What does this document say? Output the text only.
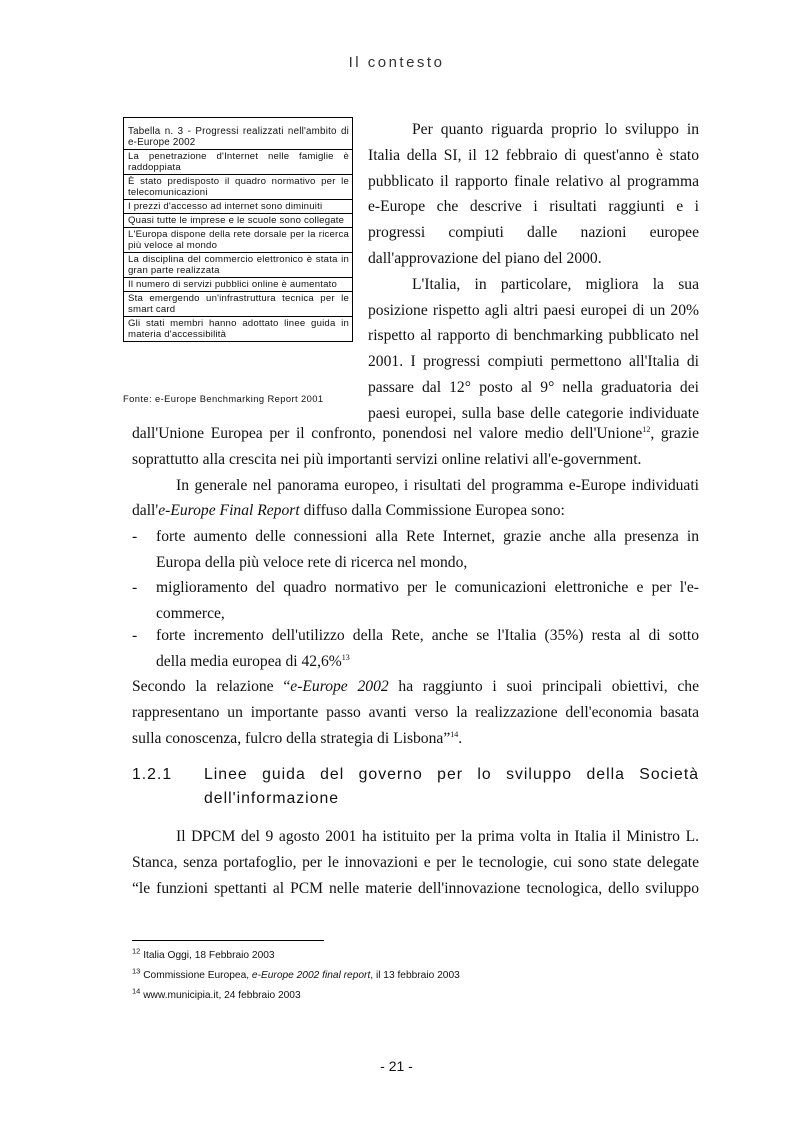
Il contesto
Tabella n. 3 - Progressi realizzati nell'ambito di e-Europe 2002
La penetrazione d'Internet nelle famiglie è raddoppiata
È stato predisposto il quadro normativo per le telecomunicazioni
I prezzi d'accesso ad internet sono diminuiti
Quasi tutte le imprese e le scuole sono collegate
L'Europa dispone della rete dorsale per la ricerca più veloce al mondo
La disciplina del commercio elettronico è stata in gran parte realizzata
Il numero di servizi pubblici online è aumentato
Sta emergendo un'infrastruttura tecnica per le smart card
Gli stati membri hanno adottato linee guida in materia d'accessibilità
Fonte: e-Europe Benchmarking Report 2001
Per quanto riguarda proprio lo sviluppo in
Italia della SI, il 12 febbraio di quest'anno è stato
pubblicato il rapporto finale relativo al programma
e-Europe che descrive i risultati raggiunti e i
progressi compiuti dalle nazioni europee
dall'approvazione del piano del 2000.
L'Italia, in particolare, migliora la sua
posizione rispetto agli altri paesi europei di un 20%
rispetto al rapporto di benchmarking pubblicato nel
2001. I progressi compiuti permettono all'Italia di
passare dal 12° posto al 9° nella graduatoria dei
paesi europei, sulla base delle categorie individuate
dall'Unione Europea per il confronto, ponendosi nel valore medio dell'Unione$^{12}$, grazie
soprattutto alla crescita nei più importanti servizi online relativi all'e-government.
In generale nel panorama europeo, i risultati del programma e-Europe individuati
dall'e-Europe Final Report diffuso dalla Commissione Europea sono:
- forte aumento delle connessioni alla Rete Internet, grazie anche alla presenza in
Europa della più veloce rete di ricerca nel mondo,
- miglioramento del quadro normativo per le comunicazioni elettroniche e per l'e-
commerce,
- forte incremento dell'utilizzo della Rete, anche se l'Italia (35%) resta al di sotto
della media europea di 42,6%$^{13}$
Secondo la relazione “e-Europe 2002 ha raggiunto i suoi principali obiettivi, che
rappresentano un importante passo avanti verso la realizzazione dell'economia basata
sulla conoscenza, fulcro della strategia di Lisbona”$^{14}$.
1.2.1 Linee guida del governo per lo sviluppo della Società
dell'informazione
Il DPCM del 9 agosto 2001 ha istituito per la prima volta in Italia il Ministro L.
Stanca, senza portafoglio, per le innovazioni e per le tecnologie, cui sono state delegate
“le funzioni spettanti al PCM nelle materie dell'innovazione tecnologica, dello sviluppo
$^{12}$ Italia Oggi, 18 Febbraio 2003
$^{13}$ Commissione Europea, e-Europe 2002 final report, il 13 febbraio 2003
$^{14}$ www.municipia.it, 24 febbraio 2003
- 21 -
